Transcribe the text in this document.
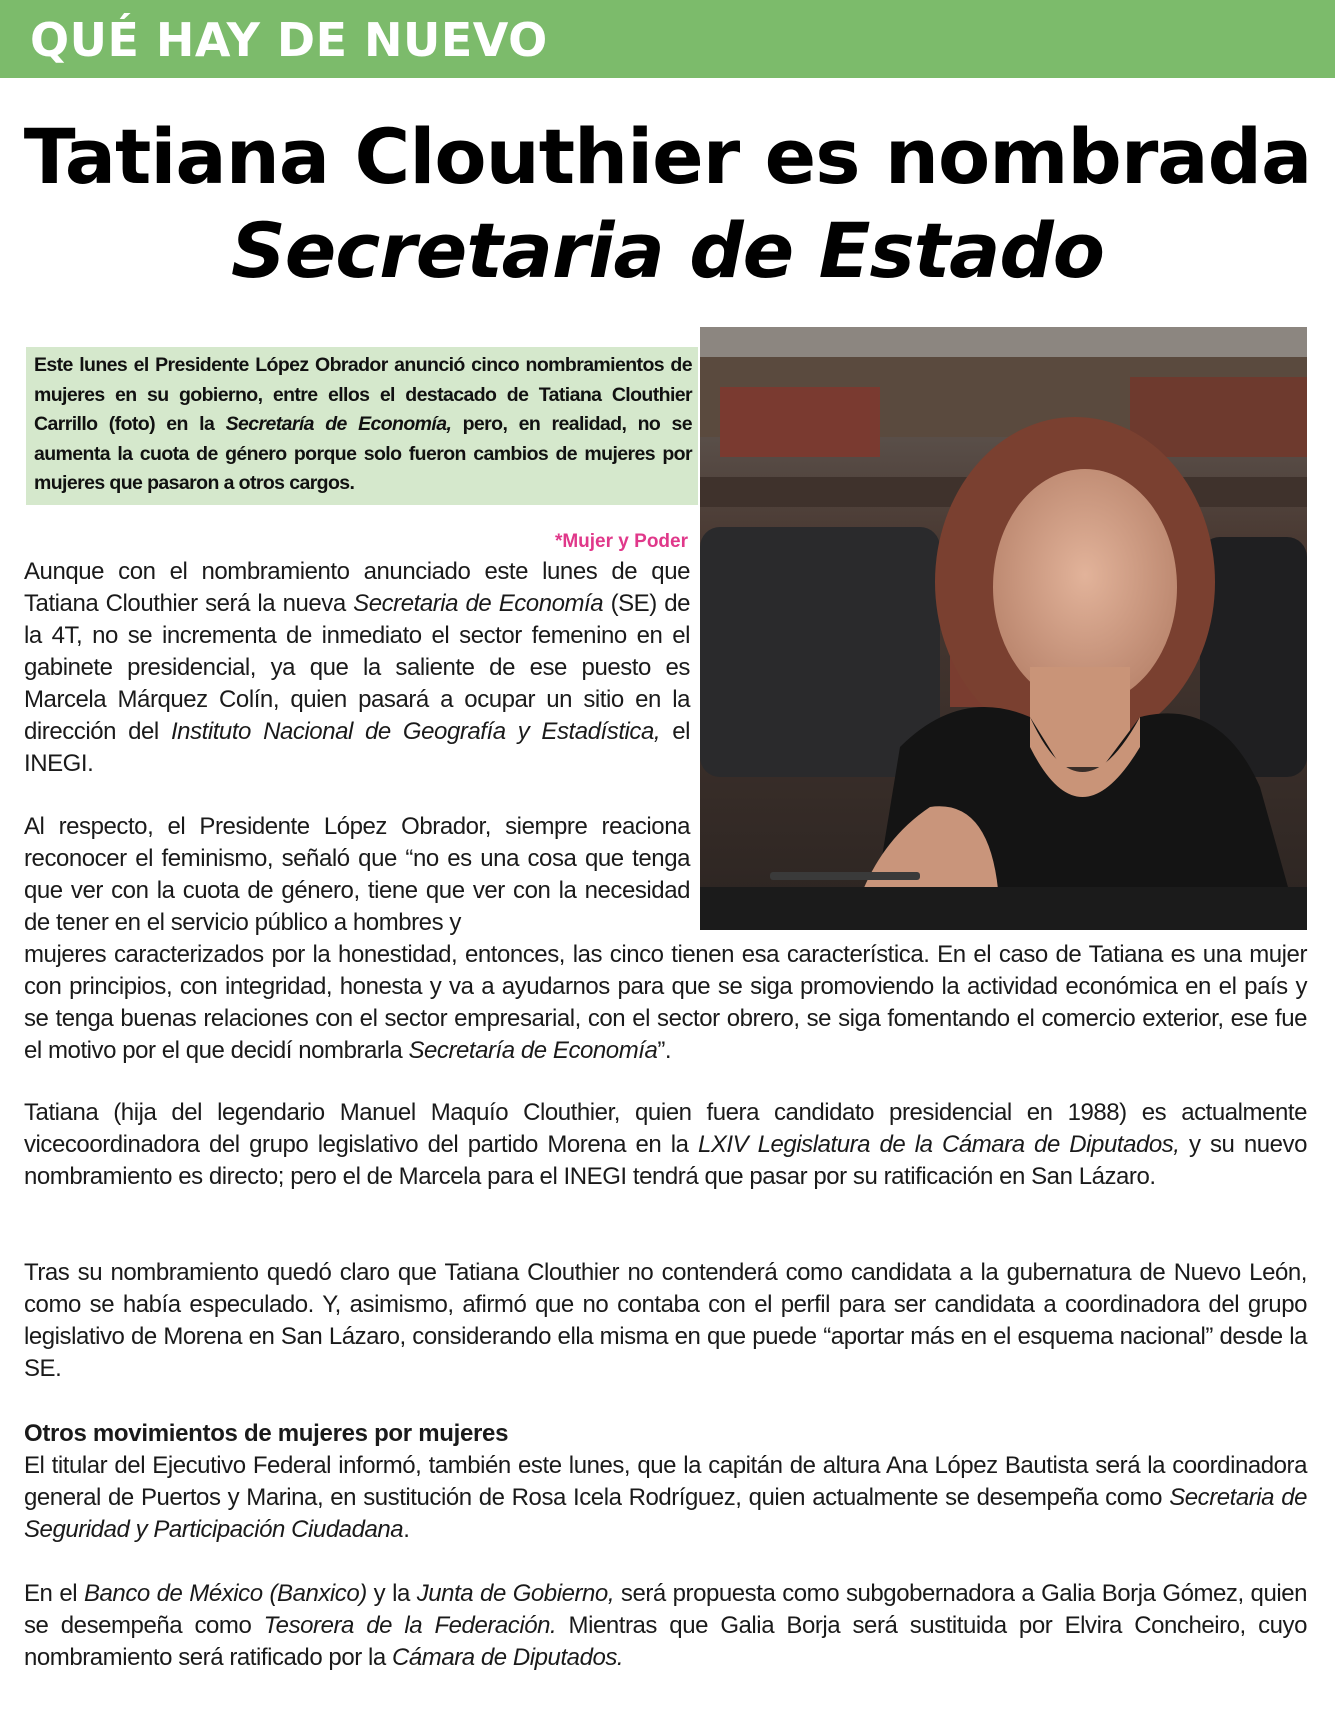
QUÉ HAY DE NUEVO
Tatiana Clouthier es nombrada
Secretaria de Estado

Este lunes el Presidente López Obrador anunció cinco nombramientos de mujeres en su gobierno, entre ellos el destacado de Tatiana Clouthier Carrillo (foto) en la Secretaría de Economía, pero, en realidad, no se aumenta la cuota de género porque solo fueron cambios de mujeres por mujeres que pasaron a otros cargos.

*Mujer y Poder

Aunque con el nombramiento anunciado este lunes de que Tatiana Clouthier será la nueva Secretaria de Economía (SE) de la 4T, no se incrementa de inmediato el sector femenino en el gabinete presidencial, ya que la saliente de ese puesto es Marcela Márquez Colín, quien pasará a ocupar un sitio en la dirección del Instituto Nacional de Geografía y Estadística, el INEGI.

Al respecto, el Presidente López Obrador, siempre reaciona reconocer el feminismo, señaló que “no es una cosa que tenga que ver con la cuota de género, tiene que ver con la necesidad de tener en el servicio público a hombres y

mujeres caracterizados por la honestidad, entonces, las cinco tienen esa característica. En el caso de Tatiana es una mujer con principios, con integridad, honesta y va a ayudarnos para que se siga promoviendo la actividad económica en el país y se tenga buenas relaciones con el sector empresarial, con el sector obrero, se siga fomentando el comercio exterior, ese fue el motivo por el que decidí nombrarla Secretaría de Economía”.

Tatiana (hija del legendario Manuel Maquío Clouthier, quien fuera candidato presidencial en 1988) es actualmente vicecoordinadora del grupo legislativo del partido Morena en la LXIV Legislatura de la Cámara de Diputados, y su nuevo nombramiento es directo; pero el de Marcela para el INEGI tendrá que pasar por su ratificación en San Lázaro.

Tras su nombramiento quedó claro que Tatiana Clouthier no contenderá como candidata a la gubernatura de Nuevo León, como se había especulado. Y, asimismo, afirmó que no contaba con el perfil para ser candidata a coordinadora del grupo legislativo de Morena en San Lázaro, considerando ella misma en que puede “aportar más en el esquema nacional” desde la SE.

Otros movimientos de mujeres por mujeres

El titular del Ejecutivo Federal informó, también este lunes, que la capitán de altura Ana López Bautista será la coordinadora general de Puertos y Marina, en sustitución de Rosa Icela Rodríguez, quien actualmente se desempeña como Secretaria de Seguridad y Participación Ciudadana.

En el Banco de México (Banxico) y la Junta de Gobierno, será propuesta como subgobernadora a Galia Borja Gómez, quien se desempeña como Tesorera de la Federación. Mientras que Galia Borja será sustituida por Elvira Concheiro, cuyo nombramiento será ratificado por la Cámara de Diputados.
